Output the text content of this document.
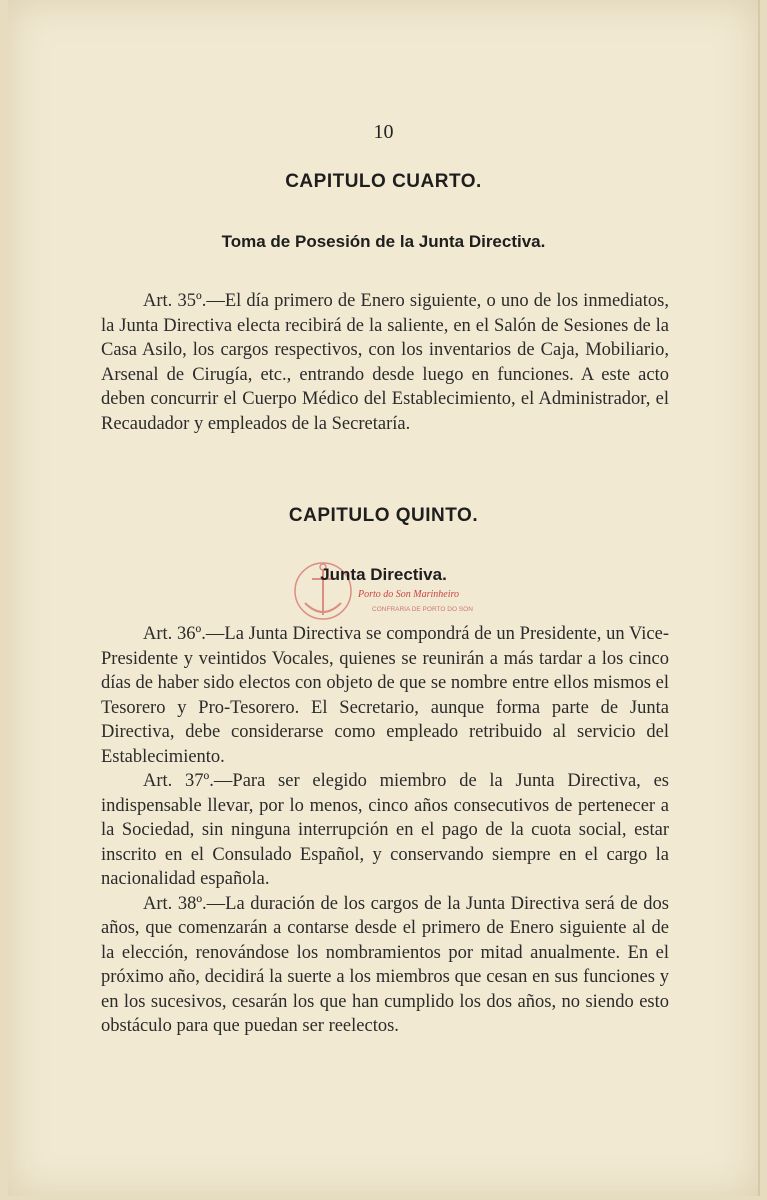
10
CAPITULO CUARTO.
Toma de Posesión de la Junta Directiva.

Art. 35º.—El día primero de Enero siguiente, o uno de los inmediatos, la Junta Directiva electa recibirá de la saliente, en el Salón de Sesiones de la Casa Asilo, los cargos respectivos, con los inventarios de Caja, Mobiliario, Arsenal de Cirugía, etc., entrando desde luego en funciones. A este acto deben concurrir el Cuerpo Médico del Establecimiento, el Administrador, el Recaudador y empleados de la Secretaría.

CAPITULO QUINTO.
Junta Directiva.
Porto do Son Marinheiro
CONFRARIA DE PORTO DO SON

Art. 36º.—La Junta Directiva se compondrá de un Presidente, un Vice-Presidente y veintidos Vocales, quienes se reunirán a más tardar a los cinco días de haber sido electos con objeto de que se nombre entre ellos mismos el Tesorero y Pro-Tesorero. El Secretario, aunque forma parte de Junta Directiva, debe considerarse como empleado retribuido al servicio del Establecimiento.

Art. 37º.—Para ser elegido miembro de la Junta Directiva, es indispensable llevar, por lo menos, cinco años consecutivos de pertenecer a la Sociedad, sin ninguna interrupción en el pago de la cuota social, estar inscrito en el Consulado Español, y conservando siempre en el cargo la nacionalidad española.

Art. 38º.—La duración de los cargos de la Junta Directiva será de dos años, que comenzarán a contarse desde el primero de Enero siguiente al de la elección, renovándose los nombramientos por mitad anualmente. En el próximo año, decidirá la suerte a los miembros que cesan en sus funciones y en los sucesivos, cesarán los que han cumplido los dos años, no siendo esto obstáculo para que puedan ser reelectos.
